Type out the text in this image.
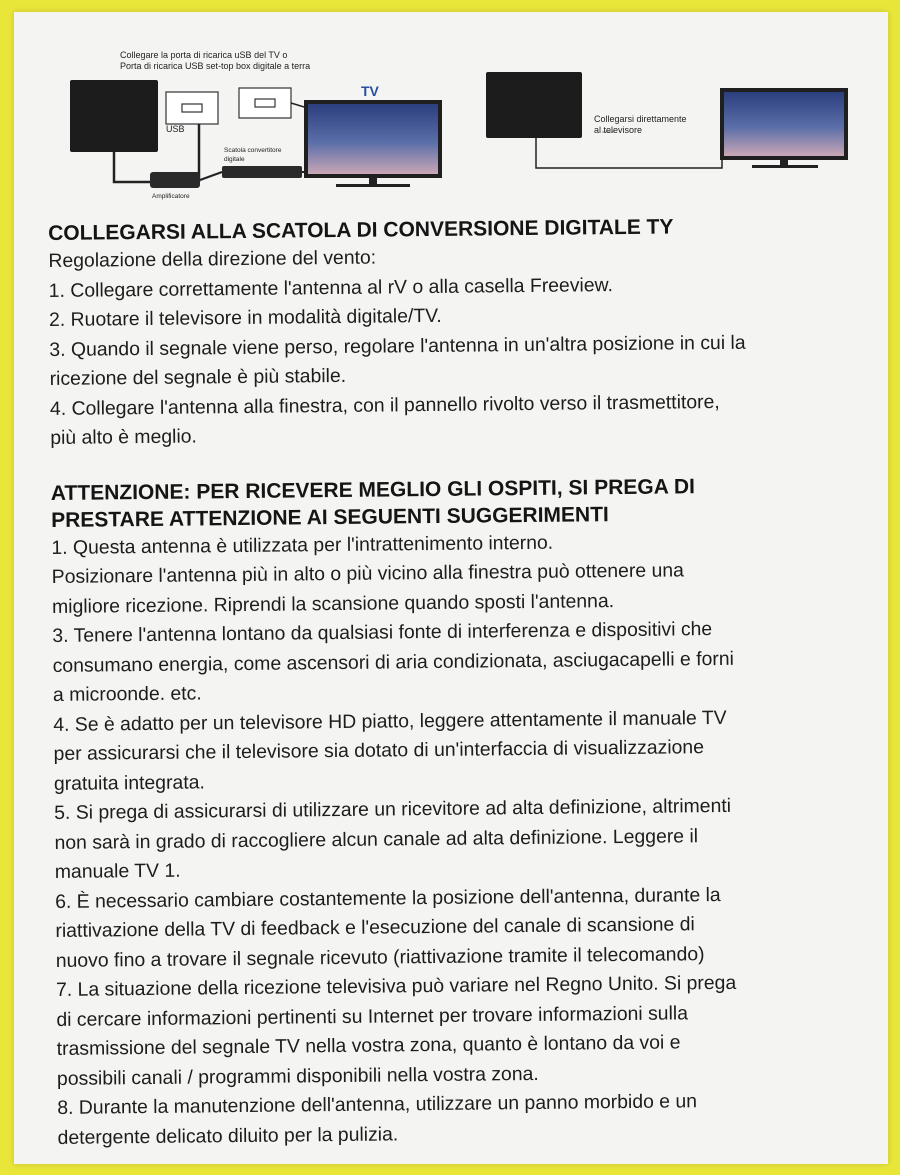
Collegare la porta di ricarica uSB del TV o
Porta di ricarica USB set-top box digitale a terra
USB
Amplificatore
Scatola convertitore
digitale
TV
Collegarsi direttamente
al televisore
COLLEGARSI ALLA SCATOLA DI CONVERSIONE DIGITALE TY

Regolazione della direzione del vento:

1. Collegare correttamente l'antenna al rV o alla casella Freeview.

2. Ruotare il televisore in modalità digitale/TV.

3. Quando il segnale viene perso, regolare l'antenna in un'altra posizione in cui la

ricezione del segnale è più stabile.

4. Collegare l'antenna alla finestra, con il pannello rivolto verso il trasmettitore,

più alto è meglio.

ATTENZIONE: PER RICEVERE MEGLIO GLI OSPITI, SI PREGA DI
PRESTARE ATTENZIONE AI SEGUENTI SUGGERIMENTI

1. Questa antenna è utilizzata per l'intrattenimento interno.

Posizionare l'antenna più in alto o più vicino alla finestra può ottenere una

migliore ricezione. Riprendi la scansione quando sposti l'antenna.

3. Tenere l'antenna lontano da qualsiasi fonte di interferenza e dispositivi che

consumano energia, come ascensori di aria condizionata, asciugacapelli e forni

a microonde. etc.

4. Se è adatto per un televisore HD piatto, leggere attentamente il manuale TV

per assicurarsi che il televisore sia dotato di un'interfaccia di visualizzazione

gratuita integrata.

5. Si prega di assicurarsi di utilizzare un ricevitore ad alta definizione, altrimenti

non sarà in grado di raccogliere alcun canale ad alta definizione. Leggere il

manuale TV 1.

6. È necessario cambiare costantemente la posizione dell'antenna, durante la

riattivazione della TV di feedback e l'esecuzione del canale di scansione di

nuovo fino a trovare il segnale ricevuto (riattivazione tramite il telecomando)

7. La situazione della ricezione televisiva può variare nel Regno Unito. Si prega

di cercare informazioni pertinenti su Internet per trovare informazioni sulla

trasmissione del segnale TV nella vostra zona, quanto è lontano da voi e

possibili canali / programmi disponibili nella vostra zona.

8. Durante la manutenzione dell'antenna, utilizzare un panno morbido e un

detergente delicato diluito per la pulizia.
